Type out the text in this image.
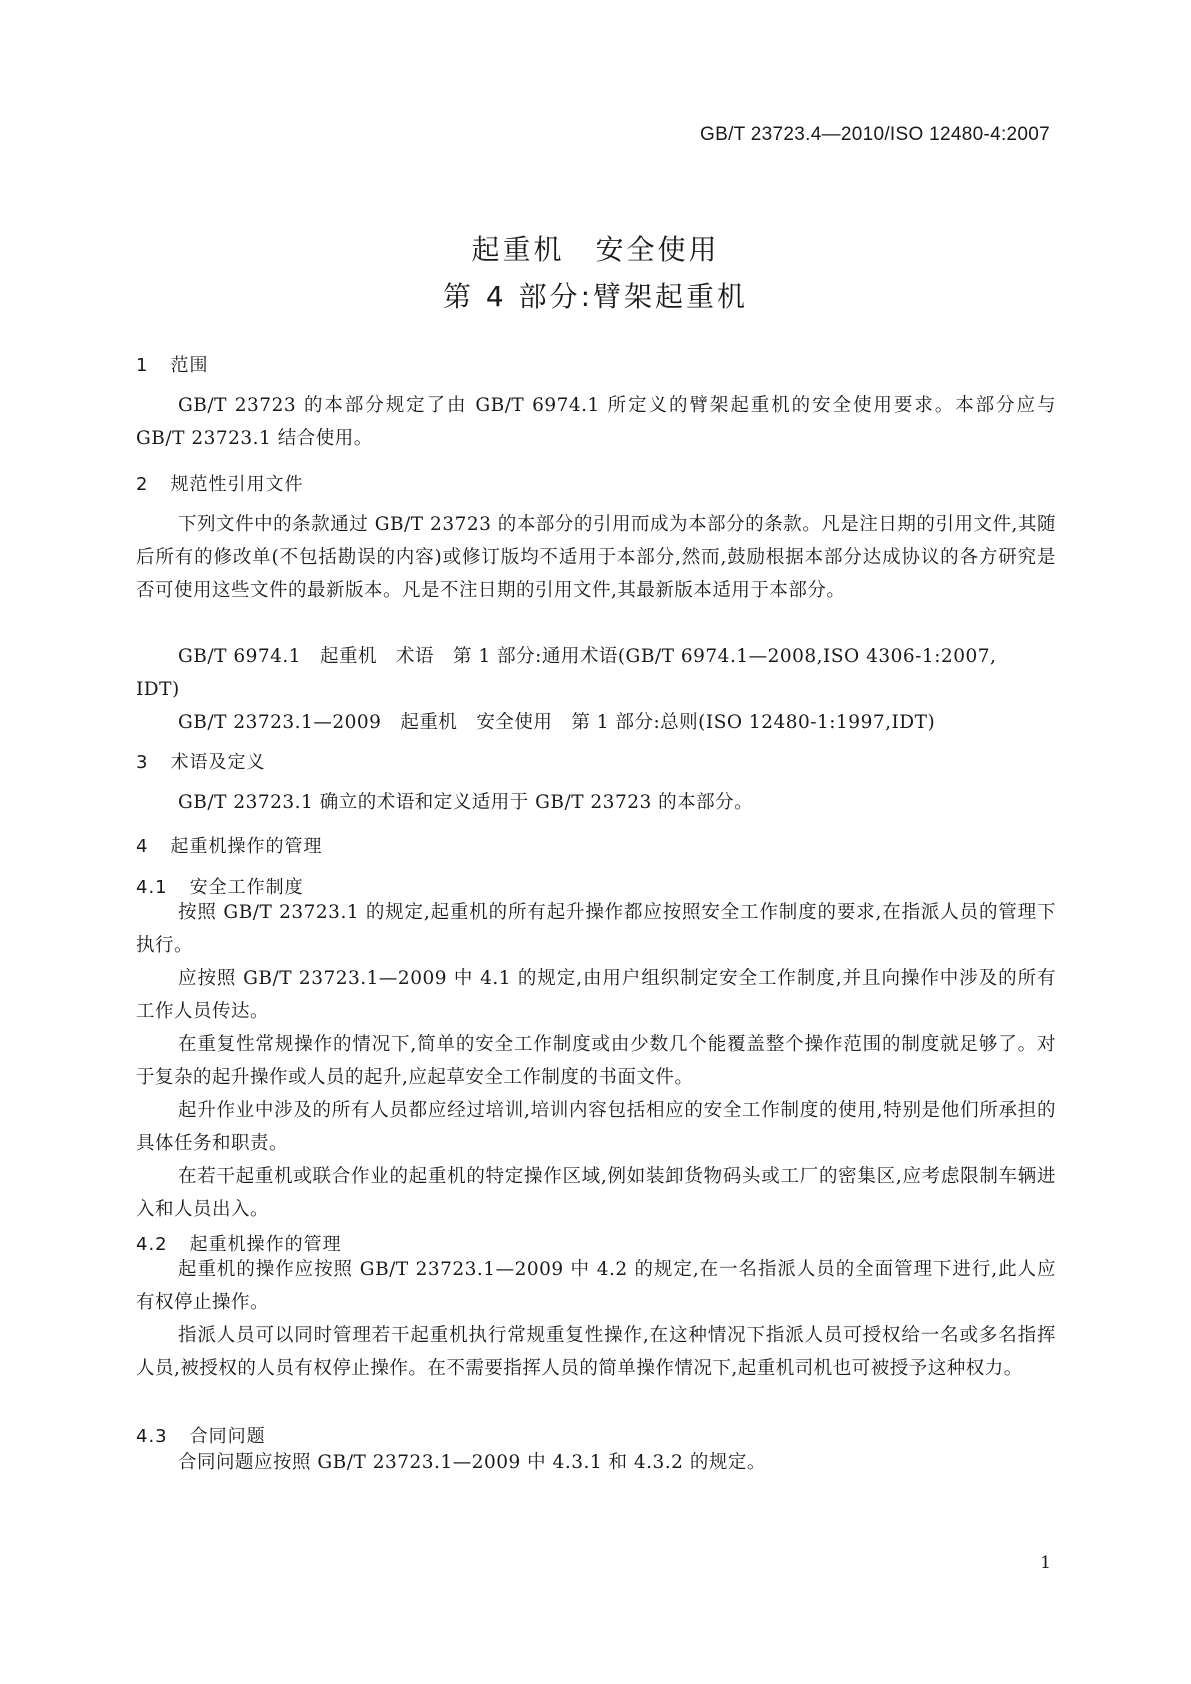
GB/T 23723.4—2010/ISO 12480-4:2007
起重机　安全使用
第 4 部分:臂架起重机
1 范围
GB/T 23723 的本部分规定了由 GB/T 6974.1 所定义的臂架起重机的安全使用要求。本部分应与 GB/T 23723.1 结合使用。
2 规范性引用文件
下列文件中的条款通过 GB/T 23723 的本部分的引用而成为本部分的条款。凡是注日期的引用文件,其随后所有的修改单(不包括勘误的内容)或修订版均不适用于本部分,然而,鼓励根据本部分达成协议的各方研究是否可使用这些文件的最新版本。凡是不注日期的引用文件,其最新版本适用于本部分。
GB/T 6974.1　起重机　术语　第 1 部分:通用术语(GB/T 6974.1—2008,ISO 4306-1:2007,
IDT)
GB/T 23723.1—2009　起重机　安全使用　第 1 部分:总则(ISO 12480-1:1997,IDT)
3 术语及定义
GB/T 23723.1 确立的术语和定义适用于 GB/T 23723 的本部分。
4 起重机操作的管理
4.1 安全工作制度
按照 GB/T 23723.1 的规定,起重机的所有起升操作都应按照安全工作制度的要求,在指派人员的管理下执行。
应按照 GB/T 23723.1—2009 中 4.1 的规定,由用户组织制定安全工作制度,并且向操作中涉及的所有工作人员传达。
在重复性常规操作的情况下,简单的安全工作制度或由少数几个能覆盖整个操作范围的制度就足够了。对于复杂的起升操作或人员的起升,应起草安全工作制度的书面文件。
起升作业中涉及的所有人员都应经过培训,培训内容包括相应的安全工作制度的使用,特别是他们所承担的具体任务和职责。
在若干起重机或联合作业的起重机的特定操作区域,例如装卸货物码头或工厂的密集区,应考虑限制车辆进入和人员出入。
4.2 起重机操作的管理
起重机的操作应按照 GB/T 23723.1—2009 中 4.2 的规定,在一名指派人员的全面管理下进行,此人应有权停止操作。
指派人员可以同时管理若干起重机执行常规重复性操作,在这种情况下指派人员可授权给一名或多名指挥人员,被授权的人员有权停止操作。在不需要指挥人员的简单操作情况下,起重机司机也可被授予这种权力。
4.3 合同问题
合同问题应按照 GB/T 23723.1—2009 中 4.3.1 和 4.3.2 的规定。
1
